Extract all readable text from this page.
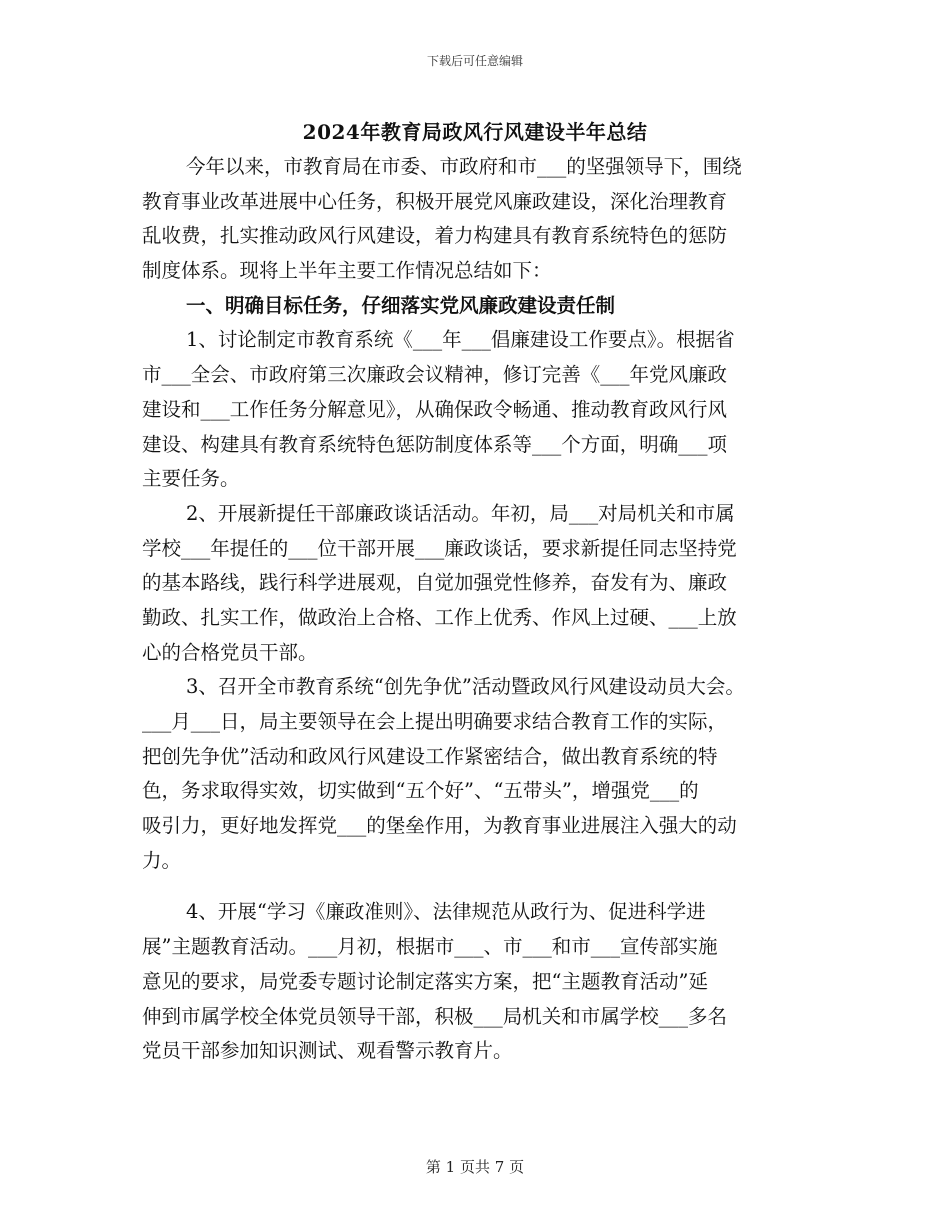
下载后可任意编辑
2024年教育局政风行风建设半年总结
今年以来，市教育局在市委、市政府和市___的坚强领导下，围绕
教育事业改革进展中心任务，积极开展党风廉政建设，深化治理教育
乱收费，扎实推动政风行风建设，着力构建具有教育系统特色的惩防
制度体系。现将上半年主要工作情况总结如下：
一、明确目标任务，仔细落实党风廉政建设责任制
1、讨论制定市教育系统《___年___倡廉建设工作要点》。根据省
市___全会、市政府第三次廉政会议精神，修订完善《___年党风廉政
建设和___工作任务分解意见》，从确保政令畅通、推动教育政风行风
建设、构建具有教育系统特色惩防制度体系等___个方面，明确___项
主要任务。
2、开展新提任干部廉政谈话活动。年初，局___对局机关和市属
学校___年提任的___位干部开展___廉政谈话，要求新提任同志坚持党
的基本路线，践行科学进展观，自觉加强党性修养，奋发有为、廉政
勤政、扎实工作，做政治上合格、工作上优秀、作风上过硬、___上放
心的合格党员干部。
3、召开全市教育系统“创先争优”活动暨政风行风建设动员大会。
___月___日，局主要领导在会上提出明确要求结合教育工作的实际，
把创先争优”活动和政风行风建设工作紧密结合，做出教育系统的特
色，务求取得实效，切实做到“五个好”、“五带头”，增强党___的
吸引力，更好地发挥党___的堡垒作用，为教育事业进展注入强大的动
力。
4、开展“学习《廉政准则》、法律规范从政行为、促进科学进
展”主题教育活动。___月初，根据市___、市___和市___宣传部实施
意见的要求，局党委专题讨论制定落实方案，把“主题教育活动”延
伸到市属学校全体党员领导干部，积极___局机关和市属学校___多名
党员干部参加知识测试、观看警示教育片。
第 1 页共 7 页
